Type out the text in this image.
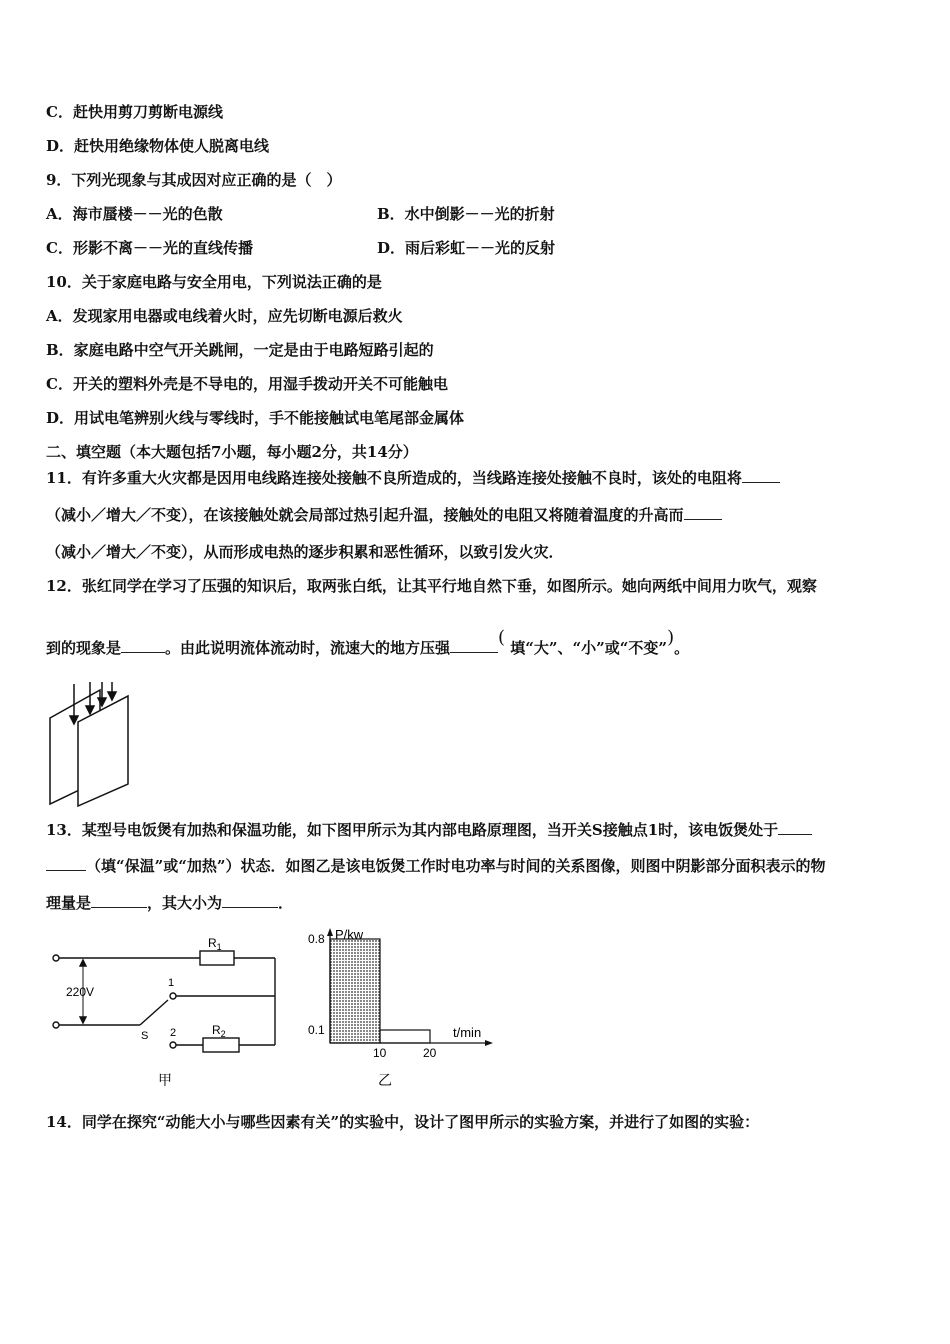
C．赶快用剪刀剪断电源线
D．赶快用绝缘物体使人脱离电线
9．下列光现象与其成因对应正确的是（　）
A．海市蜃楼－－光的色散	B．水中倒影－－光的折射
C．形影不离－－光的直线传播	D．雨后彩虹－－光的反射
10．关于家庭电路与安全用电，下列说法正确的是
A．发现家用电器或电线着火时，应先切断电源后救火
B．家庭电路中空气开关跳闸，一定是由于电路短路引起的
C．开关的塑料外壳是不导电的，用湿手拨动开关不可能触电
D．用试电笔辨别火线与零线时，手不能接触试电笔尾部金属体
二、填空题（本大题包括7小题，每小题2分，共14分）
11．有许多重大火灾都是因用电线路连接处接触不良所造成的，当线路连接处接触不良时，该处的电阻将
（减小／增大／不变），在该接触处就会局部过热引起升温，接触处的电阻又将随着温度的升高而
（减小／增大／不变），从而形成电热的逐步积累和恶性循环，以致引发火灾．
12．张红同学在学习了压强的知识后，取两张白纸，让其平行地自然下垂，如图所示。她向两纸中间用力吹气，观察
到的现象是	。由此说明流体流动时，流速大的地方压强	( 填“大”、“小”或“不变”)。
13．某型号电饭煲有加热和保温功能，如下图甲所示为其内部电路原理图，当开关S接触点1时，该电饭煲处于
（填“保温”或“加热”）状态．如图乙是该电饭煲工作时电功率与时间的关系图像，则图中阴影部分面积表示的物
理量是	，其大小为	．
$R_1$
$R_2$
220V
1
2
S
甲
P/kw
t/min
10	20
0.8
0.1
乙
14．同学在探究“动能大小与哪些因素有关”的实验中，设计了图甲所示的实验方案，并进行了如图的实验：
